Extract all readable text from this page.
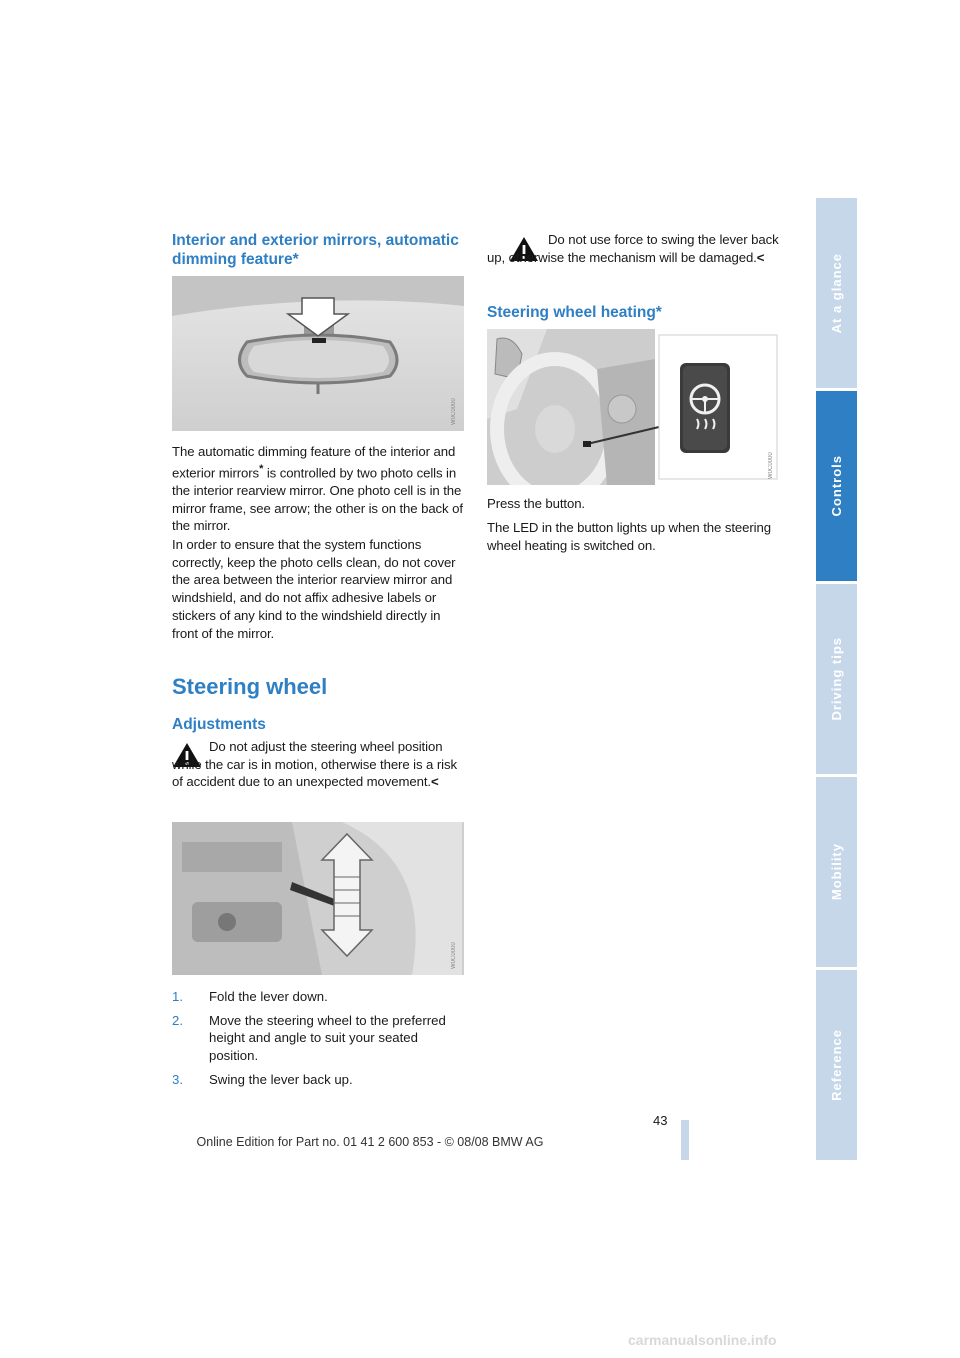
Interior and exterior mirrors, automatic dimming feature*
W0C0000

The automatic dimming feature of the interior and exterior mirrors* is controlled by two photo cells in the interior rearview mirror. One photo cell is in the mirror frame, see arrow; the other is on the back of the mirror.

In order to ensure that the system functions correctly, keep the photo cells clean, do not cover the area between the interior rearview mirror and windshield, and do not affix adhesive labels or stickers of any kind to the windshield directly in front of the mirror.

Steering wheel
Adjustments

Do not adjust the steering wheel position while the car is in motion, otherwise there is a risk of accident due to an unexpected movement.<

W0C0000
1. Fold the lever down.
2. Move the steering wheel to the preferred height and angle to suit your seated position.
3. Swing the lever back up.

Do not use force to swing the lever back up, otherwise the mechanism will be damaged.<

Steering wheel heating*
W0C0000

Press the button.

The LED in the button lights up when the steering wheel heating is switched on.

At a glance
Controls
Driving tips
Mobility
Reference
43
Online Edition for Part no. 01 41 2 600 853 - © 08/08 BMW AG
carmanualsonline.info
